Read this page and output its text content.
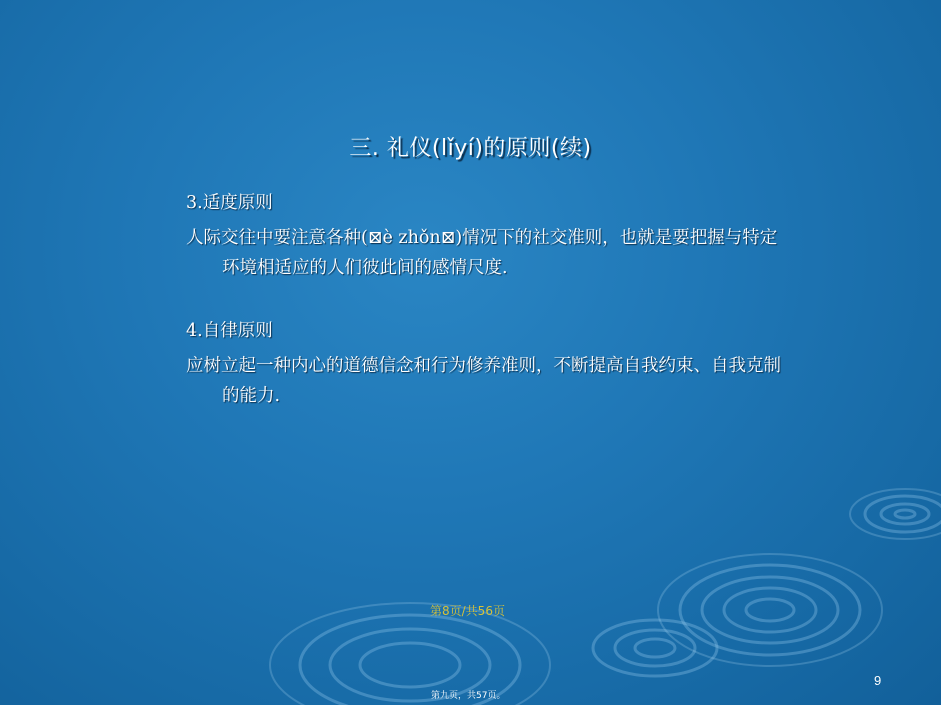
三. 礼仪(lǐyí)的原则(续)

3.适度原则

人际交往中要注意各种(⊠è zhǒn⊠)情况下的社交准则，也就是要把握与特定环境相适应的人们彼此间的感情尺度.

4.自律原则

应树立起一种内心的道德信念和行为修养准则，不断提高自我约束、自我克制的能力.

第8页/共56页
9
第九页，共57页。
